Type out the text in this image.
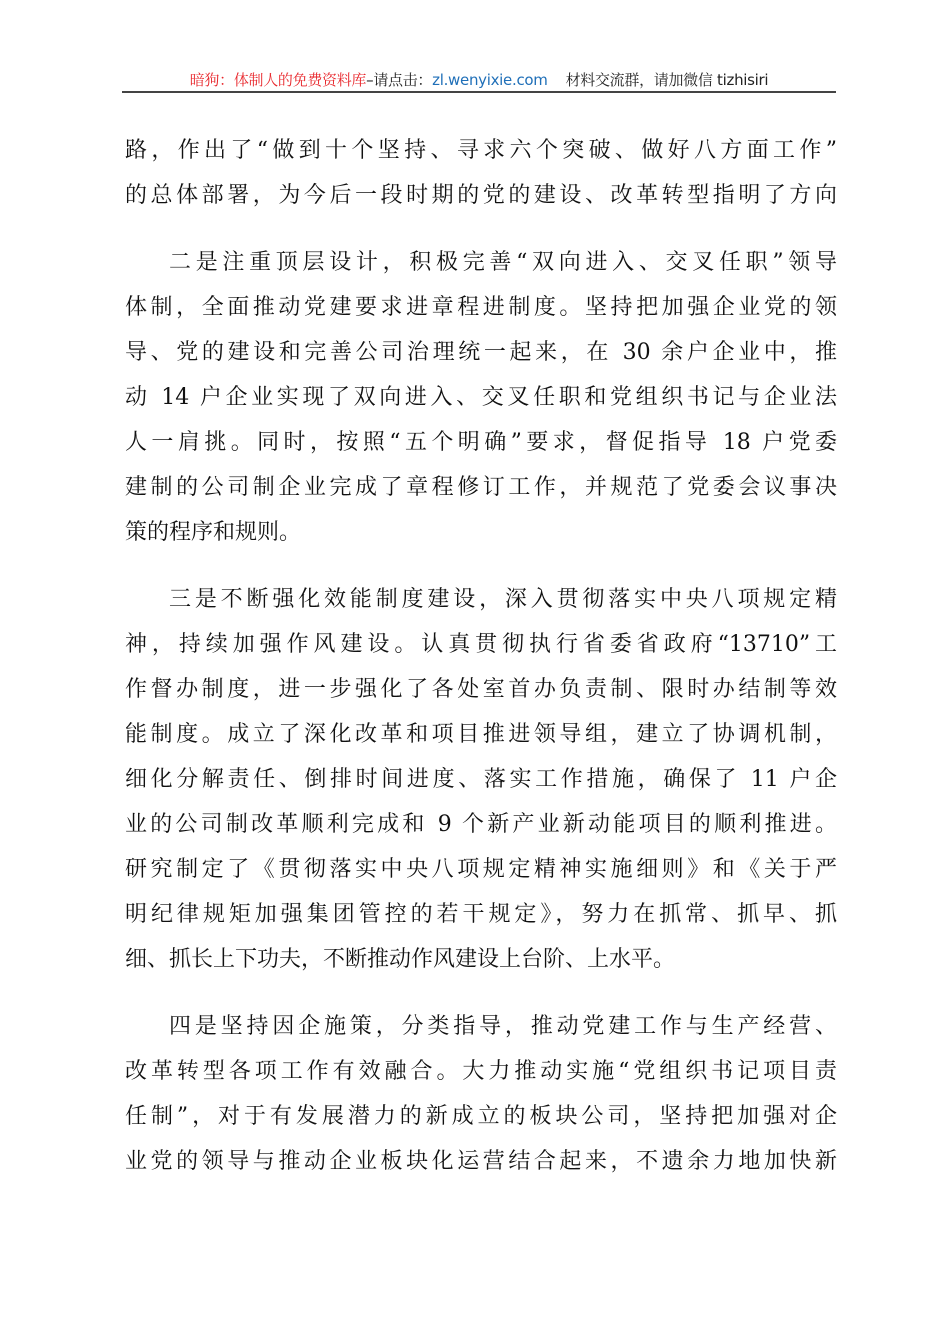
暗狗：体制人的免费资料库–请点击：zl.wenyixie.com 材料交流群，请加微信 tizhisiri
路，作出了“做到十个坚持、寻求六个突破、做好八方面工作”
的总体部署，为今后一段时期的党的建设、改革转型指明了方向
二是注重顶层设计，积极完善“双向进入、交叉任职”领导
体制，全面推动党建要求进章程进制度。坚持把加强企业党的领
导、党的建设和完善公司治理统一起来，在 30 余户企业中，推
动 14 户企业实现了双向进入、交叉任职和党组织书记与企业法
人一肩挑。同时，按照“五个明确”要求，督促指导 18 户党委
建制的公司制企业完成了章程修订工作，并规范了党委会议事决
策的程序和规则。
三是不断强化效能制度建设，深入贯彻落实中央八项规定精
神，持续加强作风建设。认真贯彻执行省委省政府“13710”工
作督办制度，进一步强化了各处室首办负责制、限时办结制等效
能制度。成立了深化改革和项目推进领导组，建立了协调机制，
细化分解责任、倒排时间进度、落实工作措施，确保了 11 户企
业的公司制改革顺利完成和 9 个新产业新动能项目的顺利推进。
研究制定了《贯彻落实中央八项规定精神实施细则》和《关于严
明纪律规矩加强集团管控的若干规定》，努力在抓常、抓早、抓
细、抓长上下功夫，不断推动作风建设上台阶、上水平。
四是坚持因企施策，分类指导，推动党建工作与生产经营、
改革转型各项工作有效融合。大力推动实施“党组织书记项目责
任制”，对于有发展潜力的新成立的板块公司，坚持把加强对企
业党的领导与推动企业板块化运营结合起来，不遗余力地加快新
